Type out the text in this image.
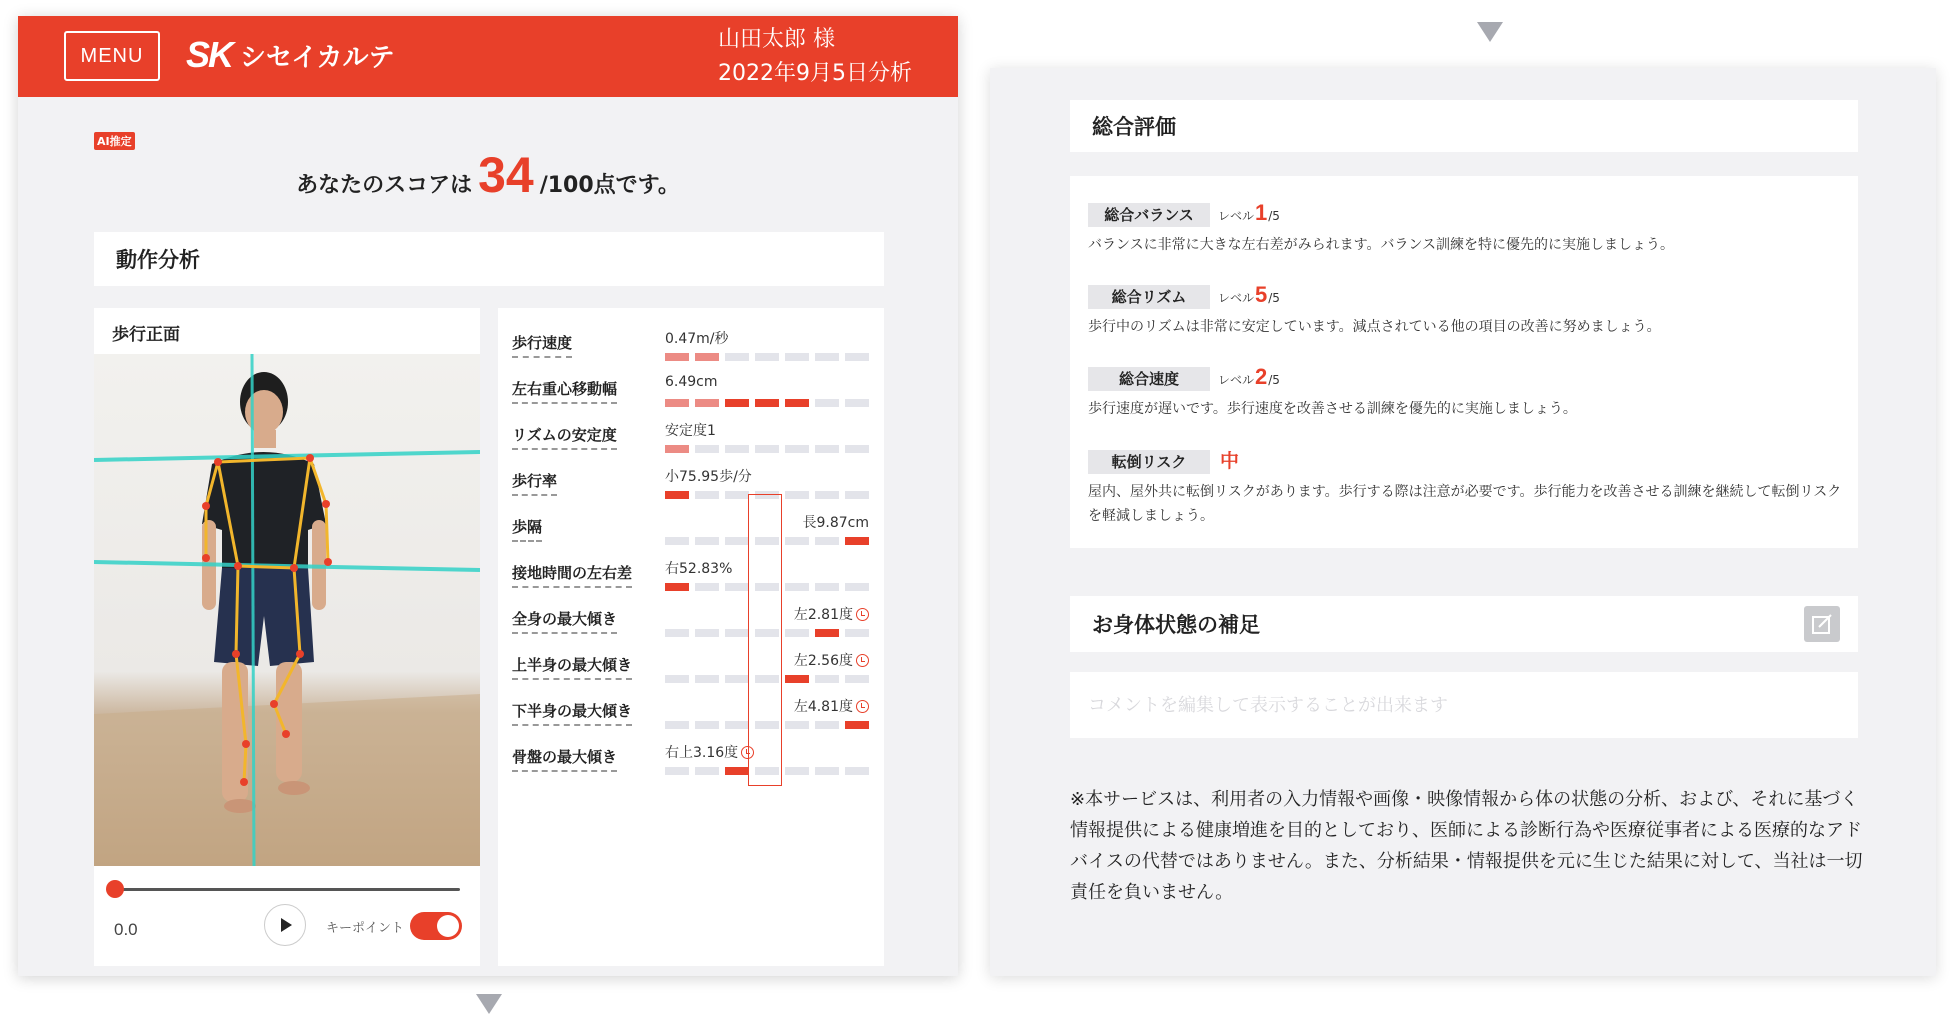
MENU	SK シセイカルテ
山田太郎 様
2022年9月5日分析
AI推定
あなたのスコアは 34 /100点です。
動作分析
歩行正面
0.0	キーポイント
歩行速度	0.47m/秒
左右重心移動幅	6.49cm
リズムの安定度	安定度1
歩行率	小75.95歩/分
歩隔	長9.87cm
接地時間の左右差 右52.83%
全身の最大傾き	左2.81度
上半身の最大傾き	左2.56度
下半身の最大傾き	左4.81度
骨盤の最大傾き	右上3.16度
総合評価
総合バランス	レベル1/5
バランスに非常に大きな左右差がみられます。バランス訓練を特に優先的に実施しましょう。
総合リズム	レベル5/5
歩行中のリズムは非常に安定しています。減点されている他の項目の改善に努めましょう。
総合速度	レベル2/5
歩行速度が遅いです。歩行速度を改善させる訓練を優先的に実施しましょう。
転倒リスク	中
屋内、屋外共に転倒リスクがあります。歩行する際は注意が必要です。歩行能力を改善させる訓練を継続して転倒リスクを軽減しましょう。
お身体状態の補足
コメントを編集して表示することが出来ます
※本サービスは、利用者の入力情報や画像・映像情報から体の状態の分析、および、それに基づく情報提供による健康増進を目的としており、医師による診断行為や医療従事者による医療的なアドバイスの代替ではありません。また、分析結果・情報提供を元に生じた結果に対して、当社は一切責任を負いません。
